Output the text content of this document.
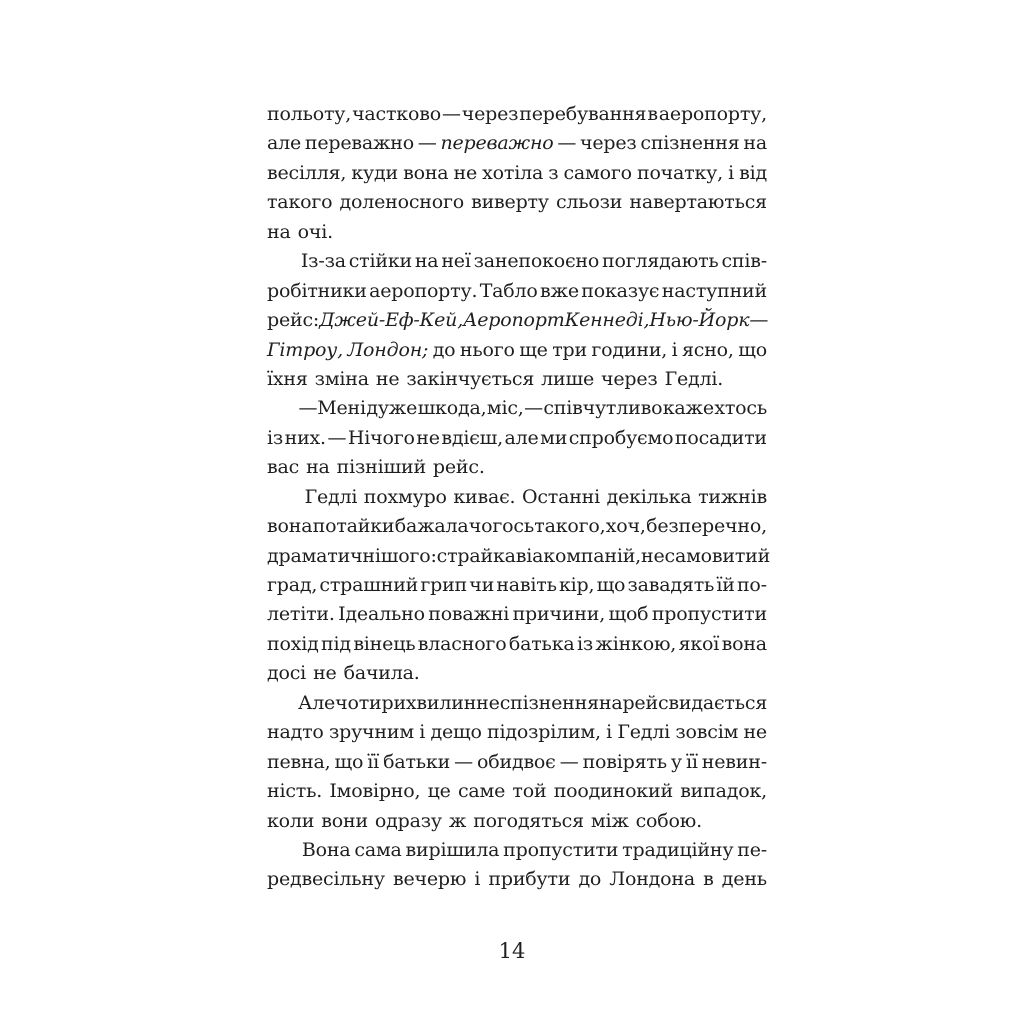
польоту, частково — через перебування в аеропорту,
але переважно — переважно — через спізнення на
весілля, куди вона не хотіла з самого початку, і від
такого доленосного виверту сльози навертаються
на очі.
Із-за стійки на неї занепокоєно поглядають спів-
робітники аеропорту. Табло вже показує наступний
рейс: Джей-Еф-Кей, Аеропорт Кеннеді, Нью-Йорк —
Гітроу, Лондон; до нього ще три години, і ясно, що
їхня зміна не закінчується лише через Гедлі.
—Мені дуже шкода, міс, — співчутливо каже хтось
із них. — Нічого не вдієш, але ми спробуємо посадити
вас на пізніший рейс.
Гедлі похмуро киває. Останні декілька тижнів
вона потайки бажала чогось такого, хоч, безперечно,
драматичнішого: страйк авіакомпаній, несамовитий
град, страшний грип чи навіть кір, що завадять їй по-
летіти. Ідеально поважні причини, щоб пропустити
похід під вінець власного батька із жінкою, якої вона
досі не бачила.
Але чотирихвилинне спізнення на рейс видається
надто зручним і дещо підозрілим, і Гедлі зовсім не
певна, що її батьки — обидвоє — повірять у її невин-
ність. Імовірно, це саме той поодинокий випадок,
коли вони одразу ж погодяться між собою.
Вона сама вирішила пропустити традиційну пе-
редвесільну вечерю і прибути до Лондона в день
14
